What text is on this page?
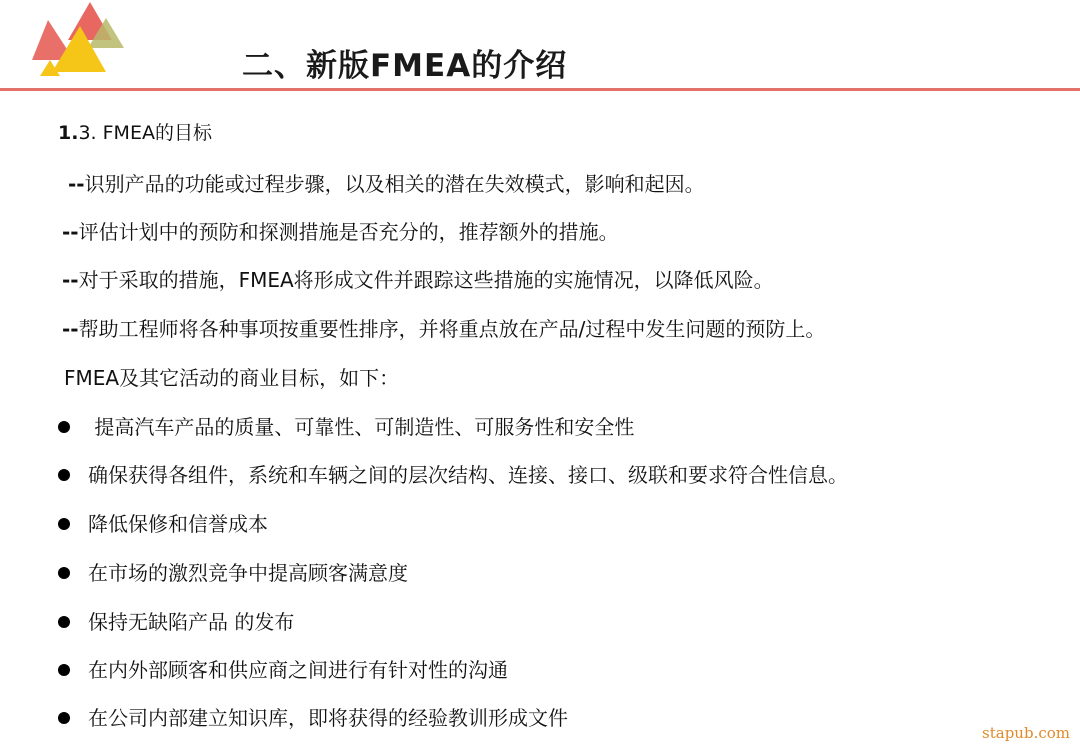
二、新版FMEA的介绍
1.3. FMEA的目标
--识别产品的功能或过程步骤，以及相关的潜在失效模式，影响和起因。
--评估计划中的预防和探测措施是否充分的，推荐额外的措施。
--对于采取的措施，FMEA将形成文件并跟踪这些措施的实施情况，以降低风险。
--帮助工程师将各种事项按重要性排序，并将重点放在产品/过程中发生问题的预防上。
FMEA及其它活动的商业目标，如下：
提高汽车产品的质量、可靠性、可制造性、可服务性和安全性
确保获得各组件，系统和车辆之间的层次结构、连接、接口、级联和要求符合性信息。
降低保修和信誉成本
在市场的激烈竞争中提高顾客满意度
保持无缺陷产品 的发布
在内外部顾客和供应商之间进行有针对性的沟通
在公司内部建立知识库，即将获得的经验教训形成文件
stapub.com
